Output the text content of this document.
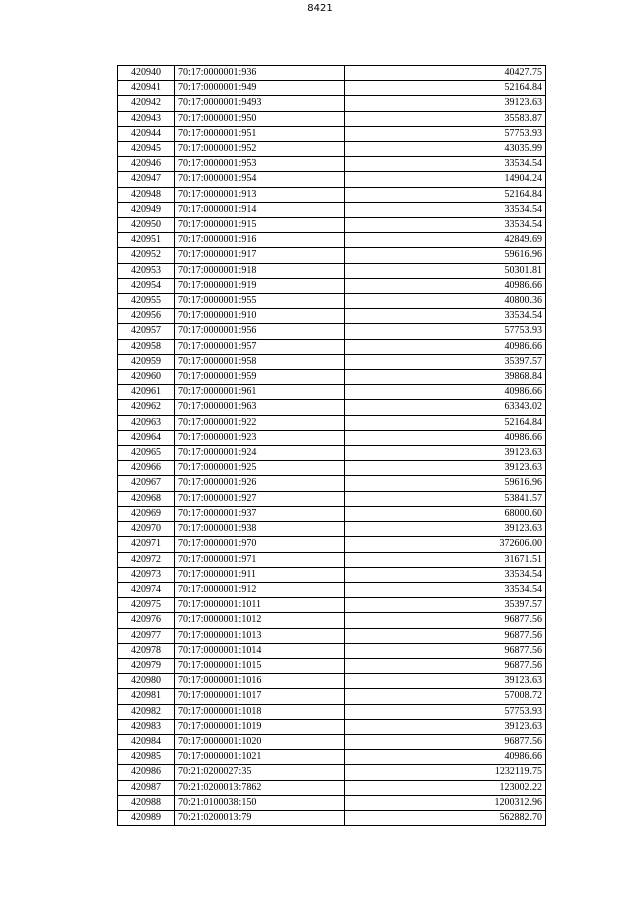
8421
420940	70:17:0000001:936	40427.75
420941	70:17:0000001:949	52164.84
420942	70:17:0000001:9493	39123.63
420943	70:17:0000001:950	35583.87
420944	70:17:0000001:951	57753.93
420945	70:17:0000001:952	43035.99
420946	70:17:0000001:953	33534.54
420947	70:17:0000001:954	14904.24
420948	70:17:0000001:913	52164.84
420949	70:17:0000001:914	33534.54
420950	70:17:0000001:915	33534.54
420951	70:17:0000001:916	42849.69
420952	70:17:0000001:917	59616.96
420953	70:17:0000001:918	50301.81
420954	70:17:0000001:919	40986.66
420955	70:17:0000001:955	40800.36
420956	70:17:0000001:910	33534.54
420957	70:17:0000001:956	57753.93
420958	70:17:0000001:957	40986.66
420959	70:17:0000001:958	35397.57
420960	70:17:0000001:959	39868.84
420961	70:17:0000001:961	40986.66
420962	70:17:0000001:963	63343.02
420963	70:17:0000001:922	52164.84
420964	70:17:0000001:923	40986.66
420965	70:17:0000001:924	39123.63
420966	70:17:0000001:925	39123.63
420967	70:17:0000001:926	59616.96
420968	70:17:0000001:927	53841.57
420969	70:17:0000001:937	68000.60
420970	70:17:0000001:938	39123.63
420971	70:17:0000001:970	372606.00
420972	70:17:0000001:971	31671.51
420973	70:17:0000001:911	33534.54
420974	70:17:0000001:912	33534.54
420975	70:17:0000001:1011	35397.57
420976	70:17:0000001:1012	96877.56
420977	70:17:0000001:1013	96877.56
420978	70:17:0000001:1014	96877.56
420979	70:17:0000001:1015	96877.56
420980	70:17:0000001:1016	39123.63
420981	70:17:0000001:1017	57008.72
420982	70:17:0000001:1018	57753.93
420983	70:17:0000001:1019	39123.63
420984	70:17:0000001:1020	96877.56
420985	70:17:0000001:1021	40986.66
420986	70:21:0200027:35	1232119.75
420987	70:21:0200013:7862	123002.22
420988	70:21:0100038:150	1200312.96
420989	70:21:0200013:79	562882.70
